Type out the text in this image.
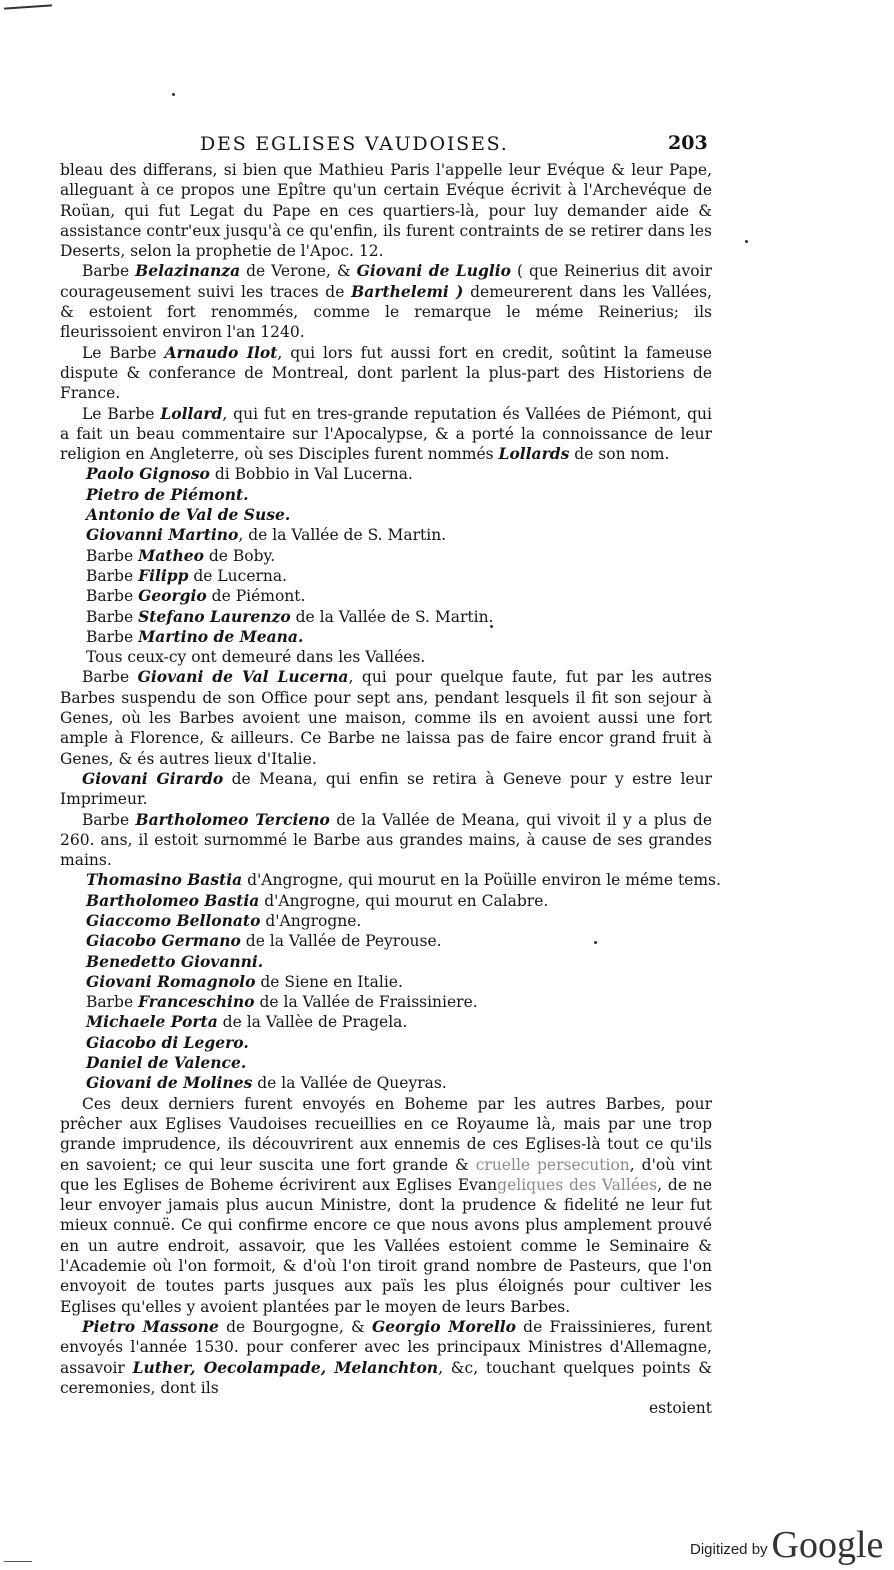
DES EGLISES VAUDOISES.	203

bleau des differans, si bien que Mathieu Paris l'appelle leur Evéque & leur Pape, alleguant à ce propos une Epître qu'un certain Evéque écrivit à l'Archevéque de Roüan, qui fut Legat du Pape en ces quartiers-là, pour luy demander aide & assistance contr'eux jusqu'à ce qu'enfin, ils furent contraints de se retirer dans les Deserts, selon la prophetie de l'Apoc. 12.

Barbe Belazinanza de Verone, & Giovani de Luglio ( que Reinerius dit avoir courageusement suivi les traces de Barthelemi ) demeurerent dans les Vallées, & estoient fort renommés, comme le remarque le méme Reinerius; ils fleurissoient environ l'an 1240.

Le Barbe Arnaudo Ilot, qui lors fut aussi fort en credit, soûtint la fameuse dispute & conferance de Montreal, dont parlent la plus-part des Historiens de France.

Le Barbe Lollard, qui fut en tres-grande reputation és Vallées de Piémont, qui a fait un beau commentaire sur l'Apocalypse, & a porté la connoissance de leur religion en Angleterre, où ses Disciples furent nommés Lollards de son nom.

Paolo Gignoso di Bobbio in Val Lucerna.

Pietro de Piémont.

Antonio de Val de Suse.

Giovanni Martino, de la Vallée de S. Martin.

Barbe Matheo de Boby.

Barbe Filipp de Lucerna.

Barbe Georgio de Piémont.

Barbe Stefano Laurenzo de la Vallée de S. Martin.

Barbe Martino de Meana.

Tous ceux-cy ont demeuré dans les Vallées.

Barbe Giovani de Val Lucerna, qui pour quelque faute, fut par les autres Barbes suspendu de son Office pour sept ans, pendant lesquels il fit son sejour à Genes, où les Barbes avoient une maison, comme ils en avoient aussi une fort ample à Florence, & ailleurs. Ce Barbe ne laissa pas de faire encor grand fruit à Genes, & és autres lieux d'Italie.

Giovani Girardo de Meana, qui enfin se retira à Geneve pour y estre leur Imprimeur.

Barbe Bartholomeo Tercieno de la Vallée de Meana, qui vivoit il y a plus de 260. ans, il estoit surnommé le Barbe aus grandes mains, à cause de ses grandes mains.

Thomasino Bastia d'Angrogne, qui mourut en la Poüille environ le méme tems.

Bartholomeo Bastia d'Angrogne, qui mourut en Calabre.

Giaccomo Bellonato d'Angrogne.

Giacobo Germano de la Vallée de Peyrouse.

Benedetto Giovanni.

Giovani Romagnolo de Siene en Italie.

Barbe Franceschino de la Vallée de Fraissiniere.

Michaele Porta de la Vallèe de Pragela.

Giacobo di Legero.

Daniel de Valence.

Giovani de Molines de la Vallée de Queyras.

Ces deux derniers furent envoyés en Boheme par les autres Barbes, pour prêcher aux Eglises Vaudoises recueillies en ce Royaume là, mais par une trop grande imprudence, ils découvrirent aux ennemis de ces Eglises-là tout ce qu'ils en savoient; ce qui leur suscita une fort grande & cruelle persecution, d'où vint que les Eglises de Boheme écrivirent aux Eglises Evangeliques des Vallées, de ne leur envoyer jamais plus aucun Ministre, dont la prudence & fidelité ne leur fut mieux connuë. Ce qui confirme encore ce que nous avons plus amplement prouvé en un autre endroit, assavoir, que les Vallées estoient comme le Seminaire & l'Academie où l'on formoit, & d'où l'on tiroit grand nombre de Pasteurs, que l'on envoyoit de toutes parts jusques aux païs les plus éloignés pour cultiver les Eglises qu'elles y avoient plantées par le moyen de leurs Barbes.

Pietro Massone de Bourgogne, & Georgio Morello de Fraissinieres, furent envoyés l'année 1530. pour conferer avec les principaux Ministres d'Allemagne, assavoir Luther, Oecolampade, Melanchton, &c, touchant quelques points & ceremonies, dont ils

estoient

Digitized by Google
